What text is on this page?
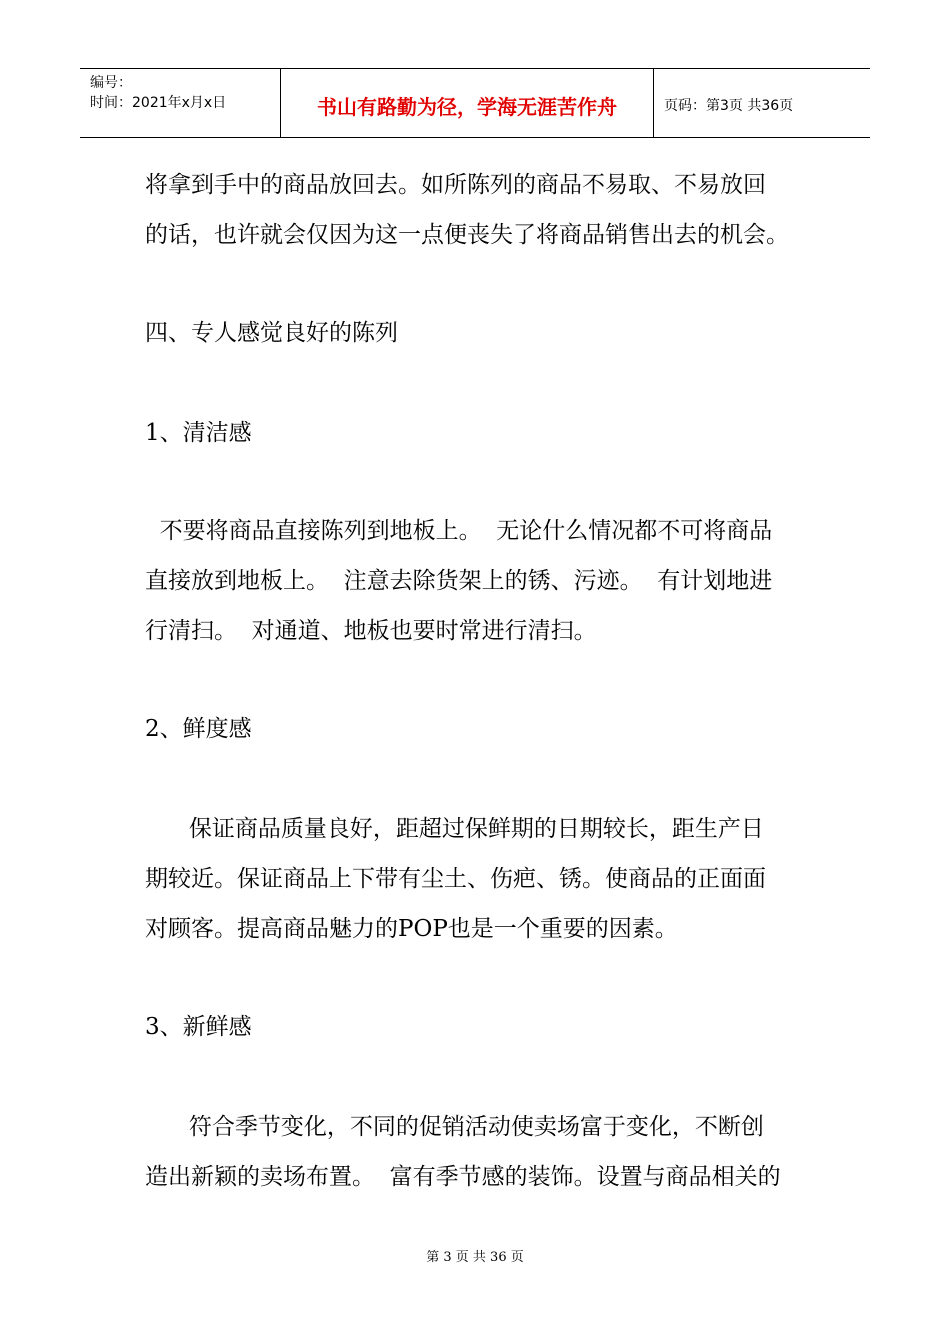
编号：
时间：2021年x月x日	书山有路勤为径，学海无涯苦作舟	页码：第3页 共36页
将拿到手中的商品放回去。如所陈列的商品不易取、不易放回
的话，也许就会仅因为这一点便丧失了将商品销售出去的机会。
四、专人感觉良好的陈列
1、清洁感
不要将商品直接陈列到地板上。  无论什么情况都不可将商品
直接放到地板上。  注意去除货架上的锈、污迹。  有计划地进
行清扫。  对通道、地板也要时常进行清扫。
2、鲜度感
保证商品质量良好，距超过保鲜期的日期较长，距生产日
期较近。保证商品上下带有尘土、伤疤、锈。使商品的正面面
对顾客。提高商品魅力的POP也是一个重要的因素。
3、新鲜感
符合季节变化，不同的促销活动使卖场富于变化，不断创
造出新颖的卖场布置。  富有季节感的装饰。设置与商品相关的
第 3 页 共 36 页
